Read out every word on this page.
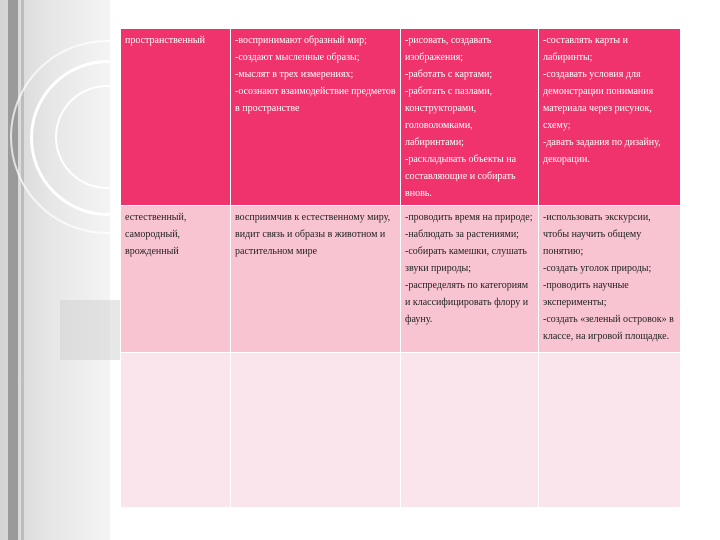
пространственный	-воспринимают образный мир;
-создают мысленные образы;
-мыслят в трех измерениях;
-осознают взаимодействие предметов в пространстве	-рисовать, создавать изображения;
-работать с картами;
-работать с пазлами, конструкторами, головоломками, лабиринтами;
-раскладывать объекты на составляющие и собирать вновь.	-составлять карты и лабиринты;
-создавать условия для демонстрации понимания материала через рисунок, схему;
-давать задания по дизайну, декорации.

естественный, самородный, врожденный	восприимчив к естественному миру, видит связь и образы в животном и растительном мире	-проводить время на природе;
-наблюдать за растениями;
-собирать камешки, слушать звуки природы;
-распределять по категориям и классифицировать флору и фауну.	-использовать экскурсии, чтобы научить общему понятию;
-создать уголок природы;
-проводить научные эксперименты;
-создать «зеленый островок» в классе, на игровой площадке.
